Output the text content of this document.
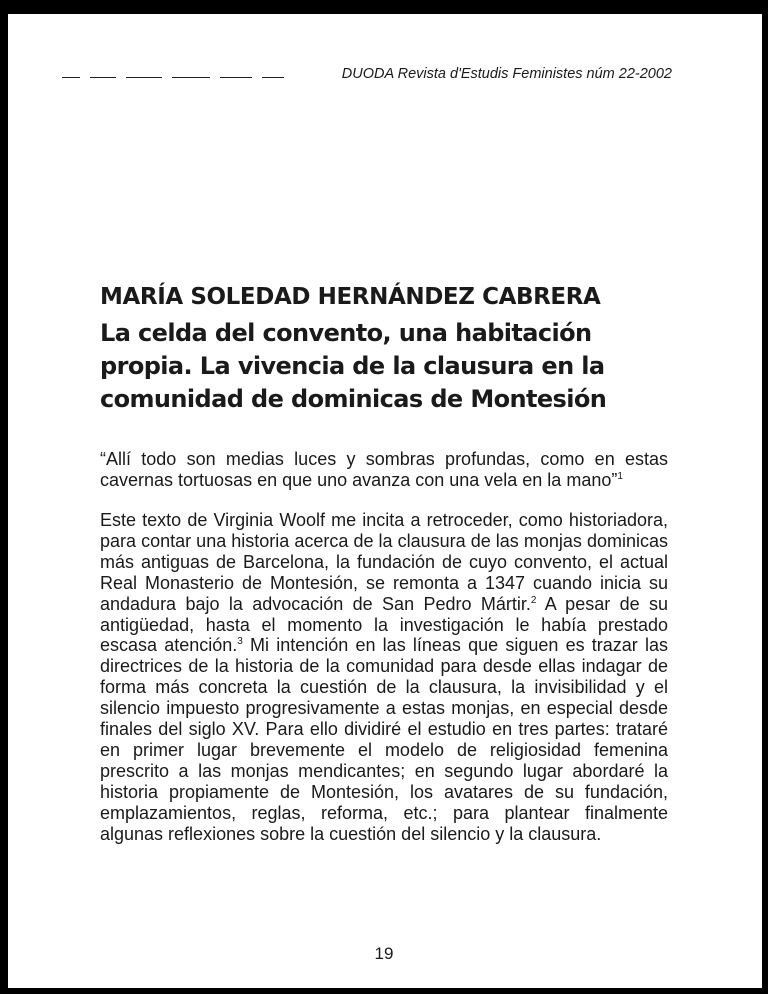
DUODA Revista d'Estudis Feministes núm 22-2002
MARÍA SOLEDAD HERNÁNDEZ CABRERA
La celda del convento, una habitación propia. La vivencia de la clausura en la comunidad de dominicas de Montesión
“Allí todo son medias luces y sombras profundas, como en estas cavernas tortuosas en que uno avanza con una vela en la mano”$^1$
Este texto de Virginia Woolf me incita a retroceder, como historiadora, para contar una historia acerca de la clausura de las monjas dominicas más antiguas de Barcelona, la fundación de cuyo convento, el actual Real Monasterio de Montesión, se remonta a 1347 cuando inicia su andadura bajo la advocación de San Pedro Mártir.$^2$ A pesar de su antigüedad, hasta el momento la investigación le había prestado escasa atención.$^3$ Mi intención en las líneas que siguen es trazar las directrices de la historia de la comunidad para desde ellas indagar de forma más concreta la cuestión de la clausura, la invisibilidad y el silencio impuesto progresivamente a estas monjas, en especial desde finales del siglo XV. Para ello dividiré el estudio en tres partes: trataré en primer lugar brevemente el modelo de religiosidad femenina prescrito a las monjas mendicantes; en segundo lugar abordaré la historia propiamente de Montesión, los avatares de su fundación, emplazamientos, reglas, reforma, etc.; para plantear finalmente algunas reflexiones sobre la cuestión del silencio y la clausura.
19
